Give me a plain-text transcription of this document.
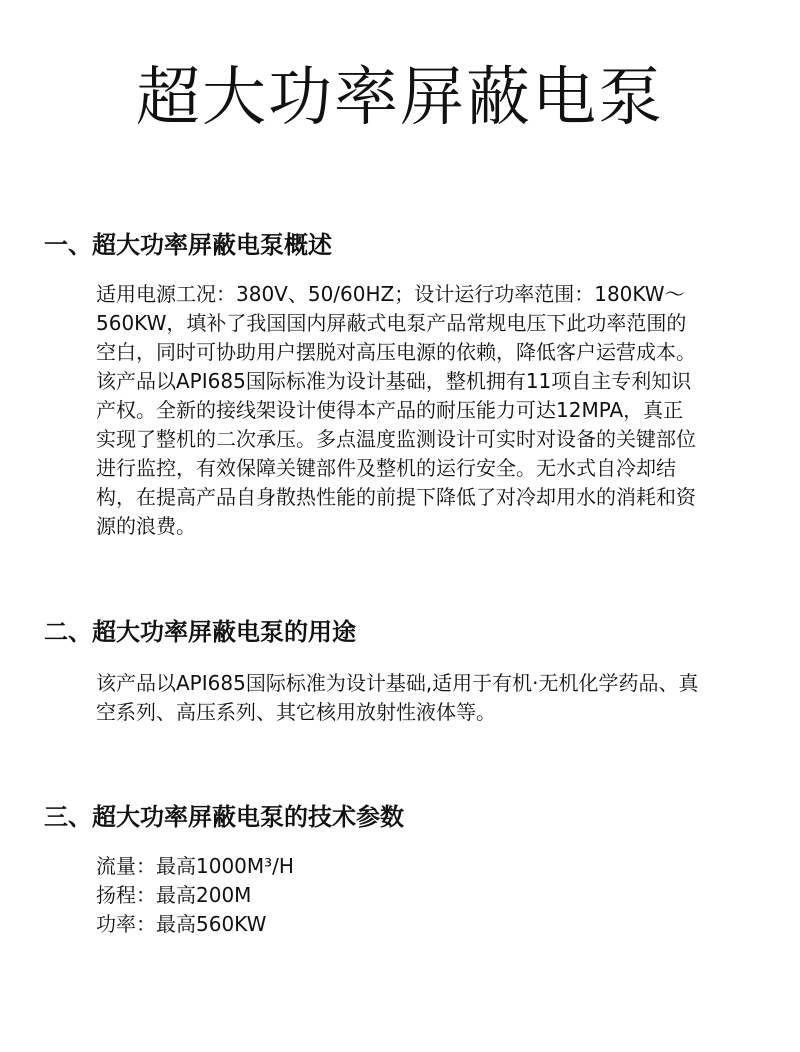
超大功率屏蔽电泵
一、超大功率屏蔽电泵概述

适用电源工况：380V、50/60HZ；设计运行功率范围：180KW～
560KW，填补了我国国内屏蔽式电泵产品常规电压下此功率范围的
空白，同时可协助用户摆脱对高压电源的依赖，降低客户运营成本。
该产品以API685国际标准为设计基础，整机拥有11项自主专利知识
产权。全新的接线架设计使得本产品的耐压能力可达12MPA，真正
实现了整机的二次承压。多点温度监测设计可实时对设备的关键部位
进行监控，有效保障关键部件及整机的运行安全。无水式自冷却结
构，在提高产品自身散热性能的前提下降低了对冷却用水的消耗和资
源的浪费。

二、超大功率屏蔽电泵的用途

该产品以API685国际标准为设计基础,适用于有机·无机化学药品、真
空系列、高压系列、其它核用放射性液体等。

三、超大功率屏蔽电泵的技术参数

流量：最高1000M³/H
扬程：最高200M
功率：最高560KW
